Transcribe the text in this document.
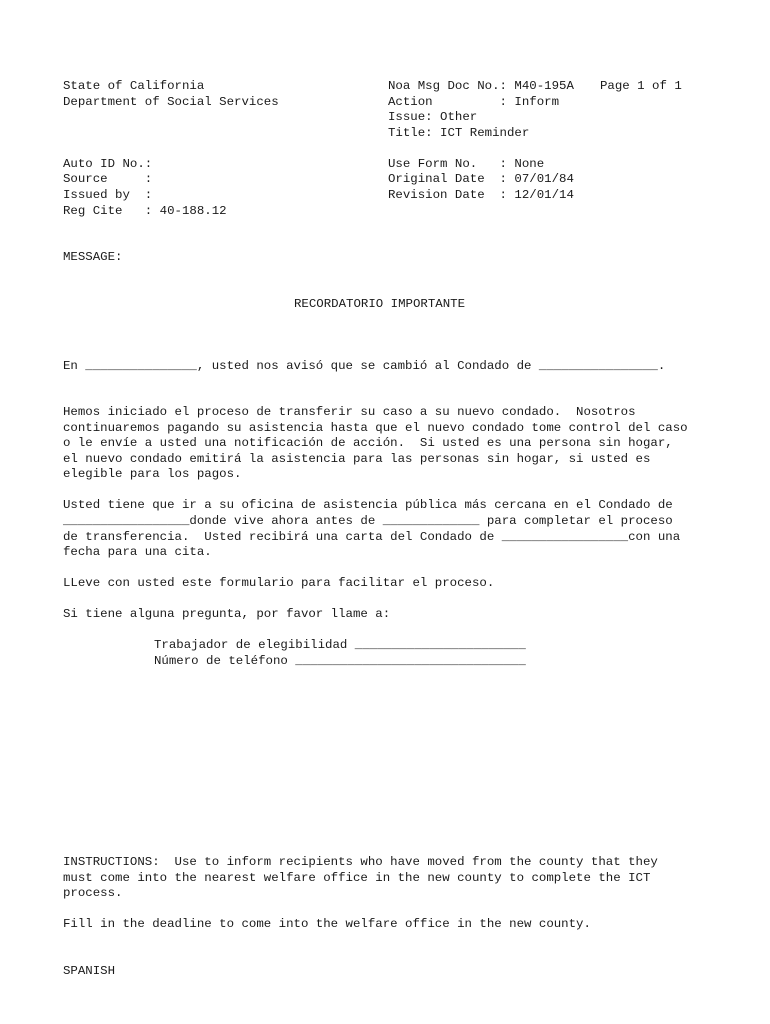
State of California
Department of Social Services
Noa Msg Doc No.: M40-195A Page 1 of 1
Action         : Inform
Issue: Other
Title: ICT Reminder
Auto ID No.:
Source     :
Issued by  :
Reg Cite   : 40-188.12
Use Form No.   : None
Original Date  : 07/01/84
Revision Date  : 12/01/14
MESSAGE:
RECORDATORIO IMPORTANTE
En _______________, usted nos avisó que se cambió al Condado de ________________.
Hemos iniciado el proceso de transferir su caso a su nuevo condado.  Nosotros
continuaremos pagando su asistencia hasta que el nuevo condado tome control del caso
o le envíe a usted una notificación de acción.  Si usted es una persona sin hogar,
el nuevo condado emitirá la asistencia para las personas sin hogar, si usted es
elegible para los pagos.
Usted tiene que ir a su oficina de asistencia pública más cercana en el Condado de
_________________donde vive ahora antes de _____________ para completar el proceso
de transferencia.  Usted recibirá una carta del Condado de _________________con una
fecha para una cita.
LLeve con usted este formulario para facilitar el proceso.
Si tiene alguna pregunta, por favor llame a:
Trabajador de elegibilidad _______________________
Número de teléfono _______________________________
INSTRUCTIONS:  Use to inform recipients who have moved from the county that they
must come into the nearest welfare office in the new county to complete the ICT
process.
Fill in the deadline to come into the welfare office in the new county.
SPANISH
